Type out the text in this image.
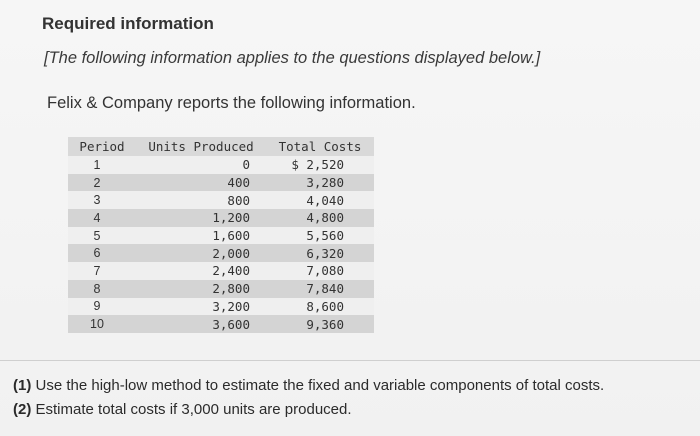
Required information
[The following information applies to the questions displayed below.]
Felix & Company reports the following information.
Period	Units Produced	Total Costs
1	0	$ 2,520
2	400	3,280
3	800	4,040
4	1,200	4,800
5	1,600	5,560
6	2,000	6,320
7	2,400	7,080
8	2,800	7,840
9	3,200	8,600
10	3,600	9,360
(1) Use the high-low method to estimate the fixed and variable components of total costs.
(2) Estimate total costs if 3,000 units are produced.
